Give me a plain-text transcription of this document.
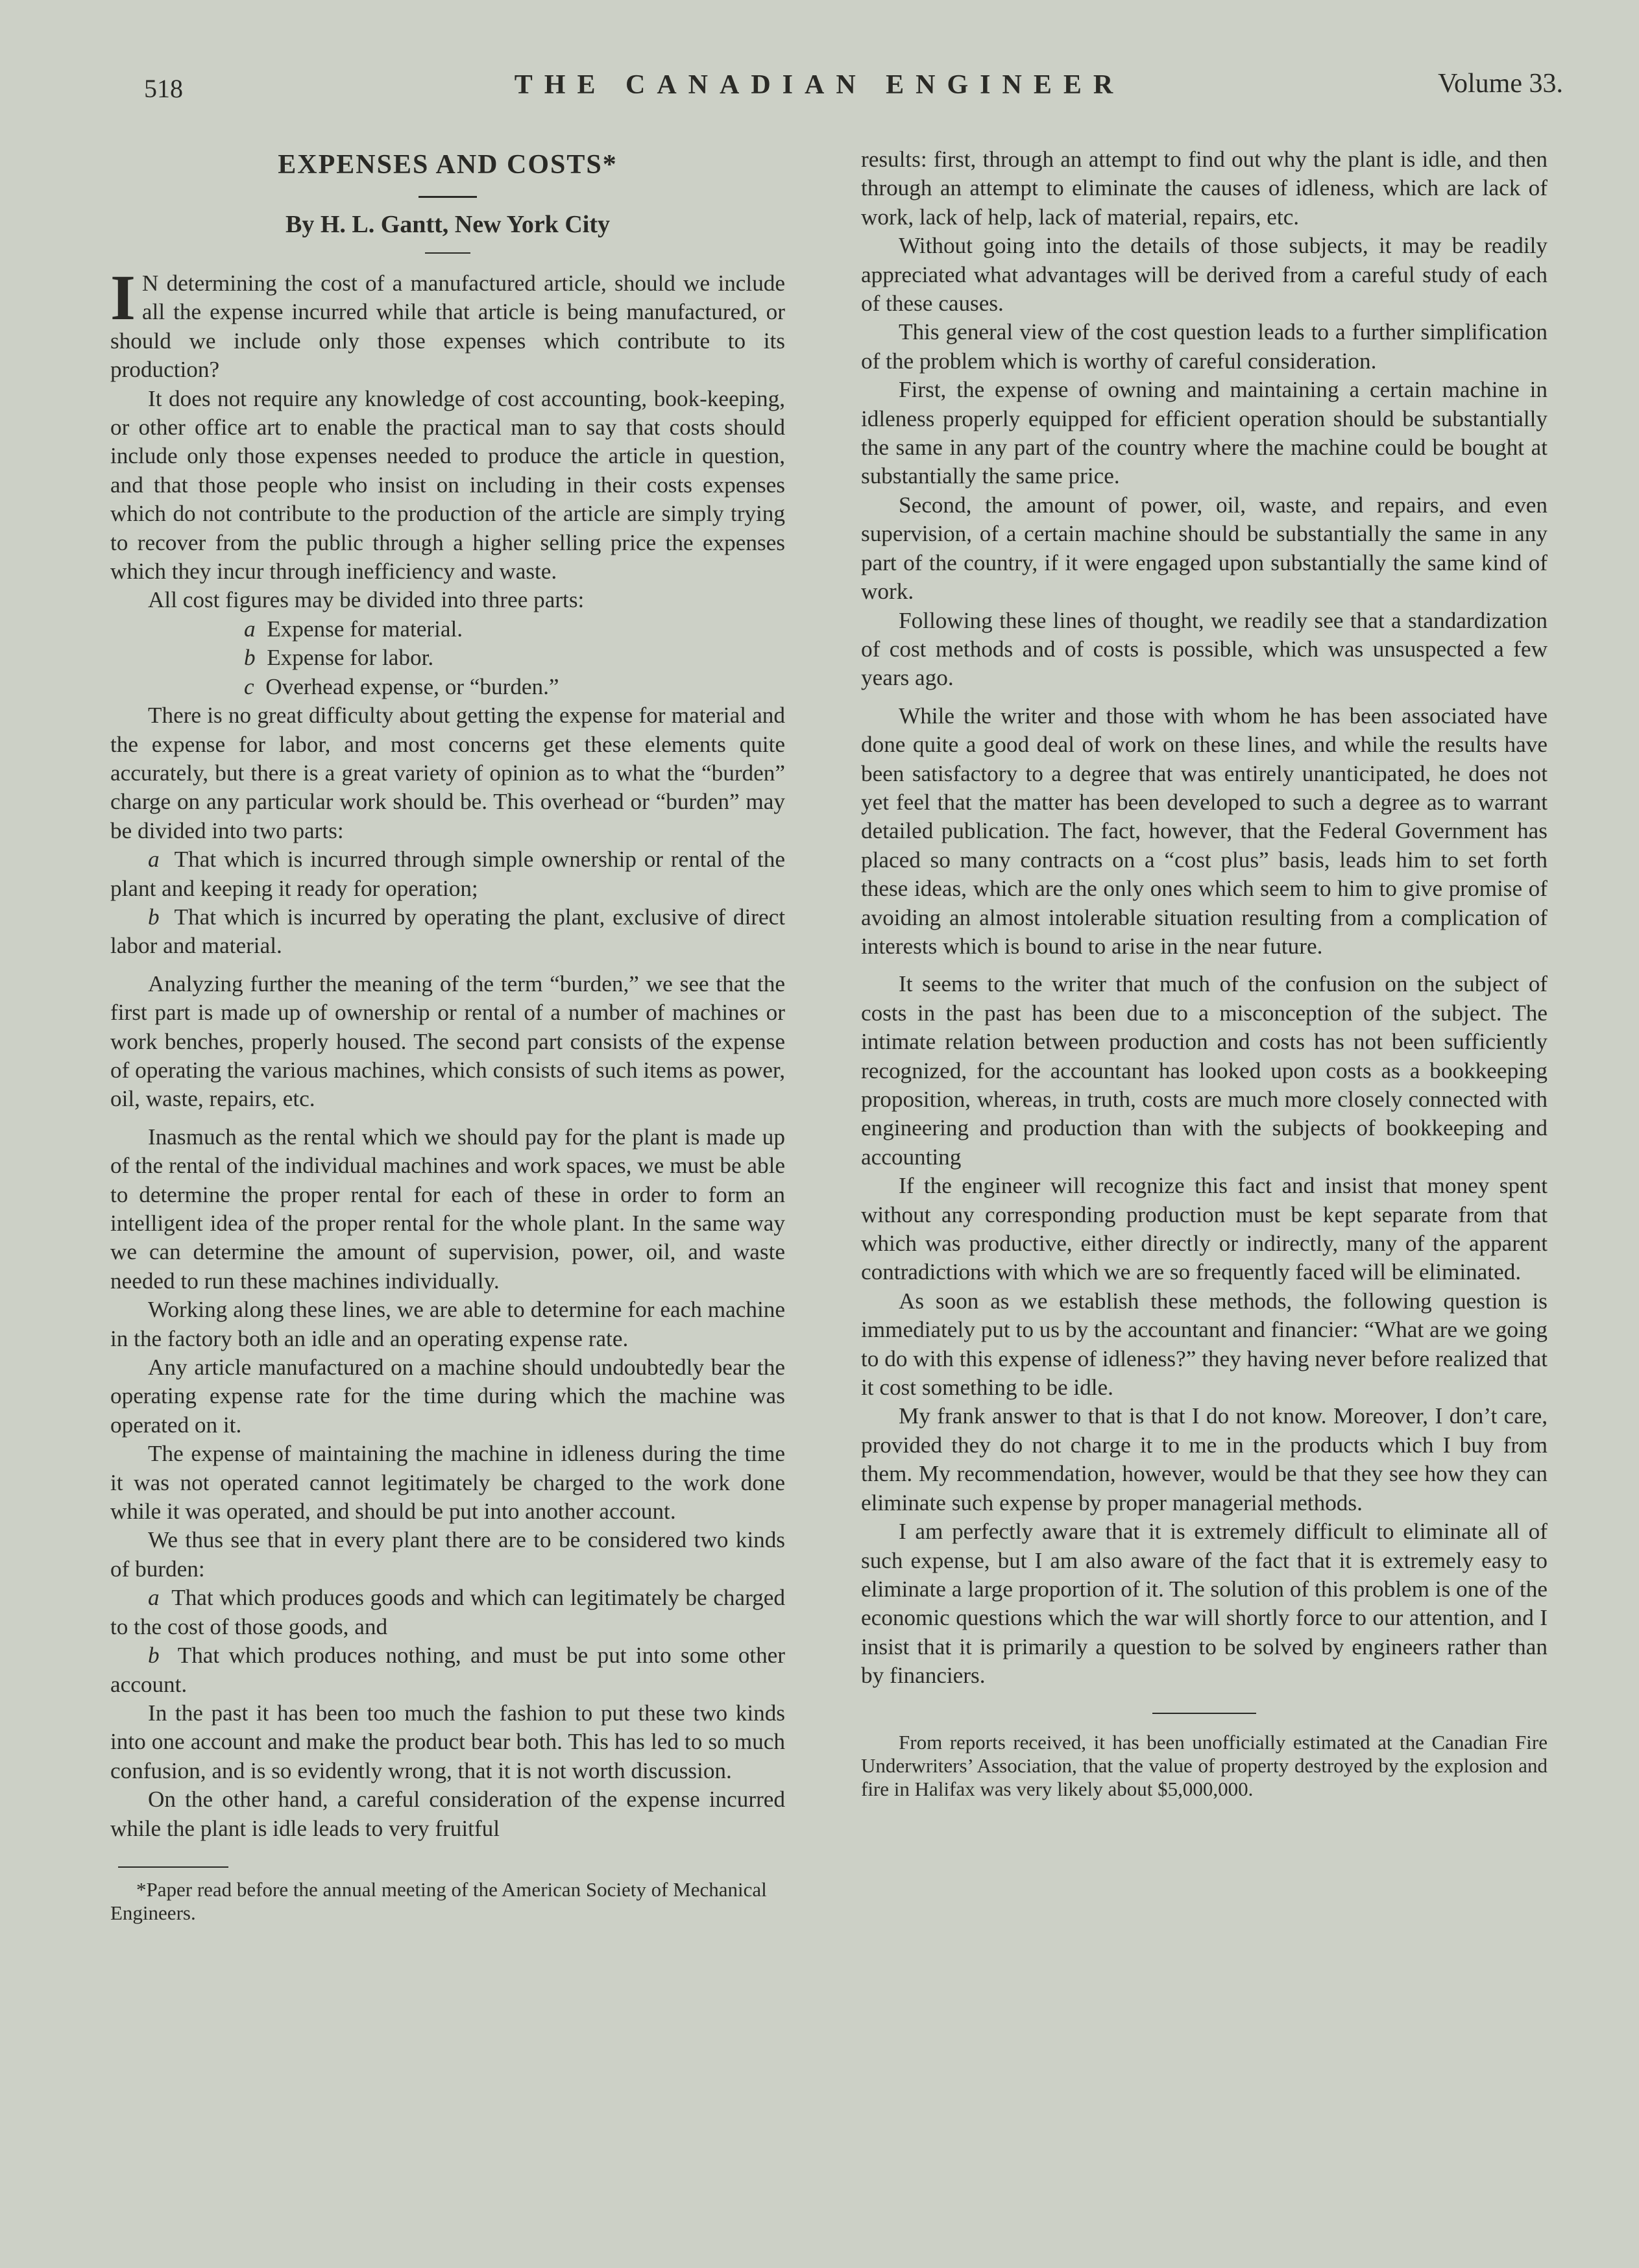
518	THE CANADIAN ENGINEER	Volume 33.
EXPENSES AND COSTS*
By H. L. Gantt, New York City

I N determining the cost of a manufactured article, should we include all the expense incurred while that article is being manufactured, or should we include only those expenses which contribute to its production?

It does not require any knowledge of cost accounting, book-keeping, or other office art to enable the practical man to say that costs should include only those expenses needed to produce the article in question, and that those people who insist on including in their costs expenses which do not contribute to the production of the article are simply trying to recover from the public through a higher selling price the expenses which they incur through inefficiency and waste.

All cost figures may be divided into three parts:

a Expense for material.

b Expense for labor.

c Overhead expense, or “burden.”

There is no great difficulty about getting the expense for material and the expense for labor, and most concerns get these elements quite accurately, but there is a great variety of opinion as to what the “burden” charge on any particular work should be. This overhead or “burden” may be divided into two parts:

a That which is incurred through simple ownership or rental of the plant and keeping it ready for operation;

b That which is incurred by operating the plant, exclusive of direct labor and material.

Analyzing further the meaning of the term “burden,” we see that the first part is made up of ownership or rental of a number of machines or work benches, properly housed. The second part consists of the expense of operating the various machines, which consists of such items as power, oil, waste, repairs, etc.

Inasmuch as the rental which we should pay for the plant is made up of the rental of the individual machines and work spaces, we must be able to determine the proper rental for each of these in order to form an intelligent idea of the proper rental for the whole plant. In the same way we can determine the amount of supervision, power, oil, and waste needed to run these machines individually.

Working along these lines, we are able to determine for each machine in the factory both an idle and an operating expense rate.

Any article manufactured on a machine should undoubtedly bear the operating expense rate for the time during which the machine was operated on it.

The expense of maintaining the machine in idleness during the time it was not operated cannot legitimately be charged to the work done while it was operated, and should be put into another account.

We thus see that in every plant there are to be considered two kinds of burden:

a That which produces goods and which can legitimately be charged to the cost of those goods, and

b That which produces nothing, and must be put into some other account.

In the past it has been too much the fashion to put these two kinds into one account and make the product bear both. This has led to so much confusion, and is so evidently wrong, that it is not worth discussion.

On the other hand, a careful consideration of the expense incurred while the plant is idle leads to very fruitful

*Paper read before the annual meeting of the American Society of Mechanical Engineers.

results: first, through an attempt to find out why the plant is idle, and then through an attempt to eliminate the causes of idleness, which are lack of work, lack of help, lack of material, repairs, etc.

Without going into the details of those subjects, it may be readily appreciated what advantages will be derived from a careful study of each of these causes.

This general view of the cost question leads to a further simplification of the problem which is worthy of careful consideration.

First, the expense of owning and maintaining a certain machine in idleness properly equipped for efficient operation should be substantially the same in any part of the country where the machine could be bought at substantially the same price.

Second, the amount of power, oil, waste, and repairs, and even supervision, of a certain machine should be substantially the same in any part of the country, if it were engaged upon substantially the same kind of work.

Following these lines of thought, we readily see that a standardization of cost methods and of costs is possible, which was unsuspected a few years ago.

While the writer and those with whom he has been associated have done quite a good deal of work on these lines, and while the results have been satisfactory to a degree that was entirely unanticipated, he does not yet feel that the matter has been developed to such a degree as to warrant detailed publication. The fact, however, that the Federal Government has placed so many contracts on a “cost plus” basis, leads him to set forth these ideas, which are the only ones which seem to him to give promise of avoiding an almost intolerable situation resulting from a complication of interests which is bound to arise in the near future.

It seems to the writer that much of the confusion on the subject of costs in the past has been due to a misconception of the subject. The intimate relation between production and costs has not been sufficiently recognized, for the accountant has looked upon costs as a bookkeeping proposition, whereas, in truth, costs are much more closely connected with engineering and production than with the subjects of bookkeeping and accounting

If the engineer will recognize this fact and insist that money spent without any corresponding production must be kept separate from that which was productive, either directly or indirectly, many of the apparent contradictions with which we are so frequently faced will be eliminated.

As soon as we establish these methods, the following question is immediately put to us by the accountant and financier: “What are we going to do with this expense of idleness?” they having never before realized that it cost something to be idle.

My frank answer to that is that I do not know. Moreover, I don’t care, provided they do not charge it to me in the products which I buy from them. My recommendation, however, would be that they see how they can eliminate such expense by proper managerial methods.

I am perfectly aware that it is extremely difficult to eliminate all of such expense, but I am also aware of the fact that it is extremely easy to eliminate a large proportion of it. The solution of this problem is one of the economic questions which the war will shortly force to our attention, and I insist that it is primarily a question to be solved by engineers rather than by financiers.

From reports received, it has been unofficially estimated at the Canadian Fire Underwriters’ Association, that the value of property destroyed by the explosion and fire in Halifax was very likely about $5,000,000.
